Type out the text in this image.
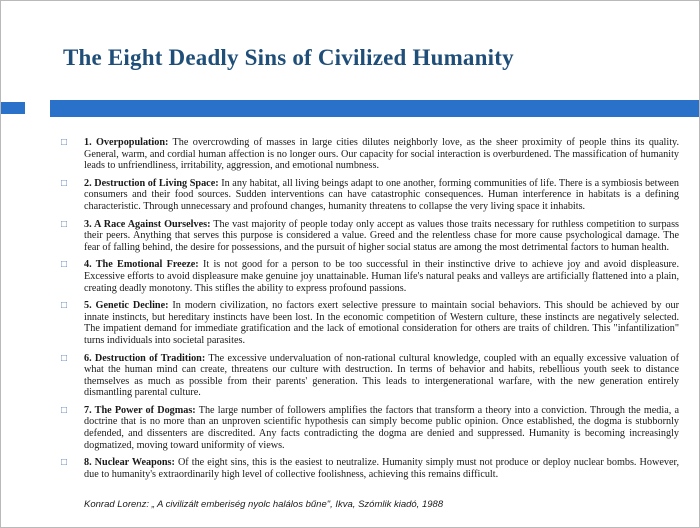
The Eight Deadly Sins of Civilized Humanity
□ 1. Overpopulation: The overcrowding of masses in large cities dilutes neighborly love, as the sheer proximity of people thins its quality. General, warm, and cordial human affection is no longer ours. Our capacity for social interaction is overburdened. The massification of humanity leads to unfriendliness, irritability, aggression, and emotional numbness.
□ 2. Destruction of Living Space: In any habitat, all living beings adapt to one another, forming communities of life. There is a symbiosis between consumers and their food sources. Sudden interventions can have catastrophic consequences. Human interference in habitats is a defining characteristic. Through unnecessary and profound changes, humanity threatens to collapse the very living space it inhabits.
□ 3. A Race Against Ourselves: The vast majority of people today only accept as values those traits necessary for ruthless competition to surpass their peers. Anything that serves this purpose is considered a value. Greed and the relentless chase for more cause psychological damage. The fear of falling behind, the desire for possessions, and the pursuit of higher social status are among the most detrimental factors to human health.
□ 4. The Emotional Freeze: It is not good for a person to be too successful in their instinctive drive to achieve joy and avoid displeasure. Excessive efforts to avoid displeasure make genuine joy unattainable. Human life's natural peaks and valleys are artificially flattened into a plain, creating deadly monotony. This stifles the ability to express profound passions.
□ 5. Genetic Decline: In modern civilization, no factors exert selective pressure to maintain social behaviors. This should be achieved by our innate instincts, but hereditary instincts have been lost. In the economic competition of Western culture, these instincts are negatively selected. The impatient demand for immediate gratification and the lack of emotional consideration for others are traits of children. This "infantilization" turns individuals into societal parasites.
□ 6. Destruction of Tradition: The excessive undervaluation of non-rational cultural knowledge, coupled with an equally excessive valuation of what the human mind can create, threatens our culture with destruction. In terms of behavior and habits, rebellious youth seek to distance themselves as much as possible from their parents' generation. This leads to intergenerational warfare, with the new generation entirely dismantling parental culture.
□ 7. The Power of Dogmas: The large number of followers amplifies the factors that transform a theory into a conviction. Through the media, a doctrine that is no more than an unproven scientific hypothesis can simply become public opinion. Once established, the dogma is stubbornly defended, and dissenters are discredited. Any facts contradicting the dogma are denied and suppressed. Humanity is becoming increasingly dogmatized, moving toward uniformity of views.
□ 8. Nuclear Weapons: Of the eight sins, this is the easiest to neutralize. Humanity simply must not produce or deploy nuclear bombs. However, due to humanity's extraordinarily high level of collective foolishness, achieving this remains difficult.
Konrad Lorenz: „ A civilizált emberiség nyolc halálos bűne", Ikva, Szómlik kiadó, 1988
